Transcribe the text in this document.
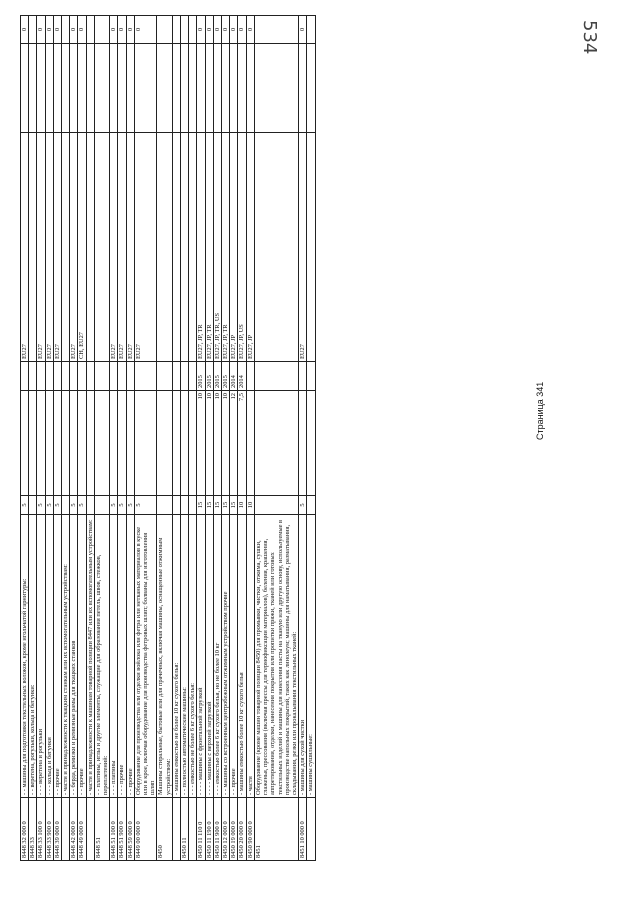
8448 32 000 0	- - машины для подготовки текстильных волокон, кроме игольчатой гарнитуры:	5			EU27		0
8448 33	- - веретена, рогульки, кольца и бегунки:						
8448 33 100 0	- - - веретена и рогульки	5			EU27		0
8448 33 900 0	- - - кольца и бегунки	5			EU27		0
8448 39 000 0	- - прочие	5			EU27		0
	- части и принадлежности к ткацким станкам или их вспомогательным устройствам:						
8448 42 000 0	- - берда, ремизки и ремизные рамы для ткацких станков	5			EU27		0
8448 49 000 0	- - прочие	5			CH, EU27		0
	- части и принадлежности к машинам товарной позиции 8447 или их вспомогательным устройствам:						
8448 51	- - платины, иглы и другие элементы, служащие для образования петель, швов, стежков, переплетений:						
8448 51 100 0	- - - платины	5			EU27		0
8448 51 900 0	- - - прочие	5			EU27		0
8448 59 000 0	- - прочие	5			EU27		0
8449 00 000 0	Оборудование для производства или отделки войлока или фетра или нетканых материалов в куске или в крое, включая оборудование для производства фетровых шляп; болваны для изготовления шляп	5			EU27		0
8450	Машины стиральные, бытовые или для прачечных, включая машины, оснащенные отжимным устройством:						
	- машины емкостью не более 10 кг сухого белья:						
8450 11	- - полностью автоматические машины:						
	- - - емкостью не более 6 кг сухого белья:						
8450 11 110 0	- - - - машины с фронтальной загрузкой	15	10	2015	EU27, JP, TR		0
8450 11 190 0	- - - - машины с верхней загрузкой	15	10	2015	EU27, JP, TR		0
8450 11 900 0	- - - емкостью более 6 кг сухого белья, но не более 10 кг	15	10	2015	EU27, JP, TR, US		0
8450 12 000 0	- - машины со встроенным центробежным отжимным устройством прочие	15	10	2015	EU27, JP, TR		0
8450 19 000 0	- - прочие	15	12	2014	EU27, JP		0
8450 20 000 0	- машины емкостью более 10 кг сухого белья	10	7,5	2014	EU27, JP, US		0
8450 90 000 0	- части	10			EU27, JP		0
8451	Оборудование (кроме машин товарной позиции 8450) для промывки, чистки, отжима, сушки, глаженья, прессования (включая прессы для термофиксации материалов), беления, крашения, аппретирования, отделки, нанесения покрытия или пропитки пряжи, тканей или готовых текстильных изделий и машины для нанесения пасты на тканую или другую основу, используемые в производстве напольных покрытий, таких как линолеум; машины для наматывания, разматывания, складывания, резки или прокалывания текстильных тканей:						
8451 10 000 0	- машины для сухой чистки	5			EU27		0
	- машины сушильные:						
Страница 341
534
